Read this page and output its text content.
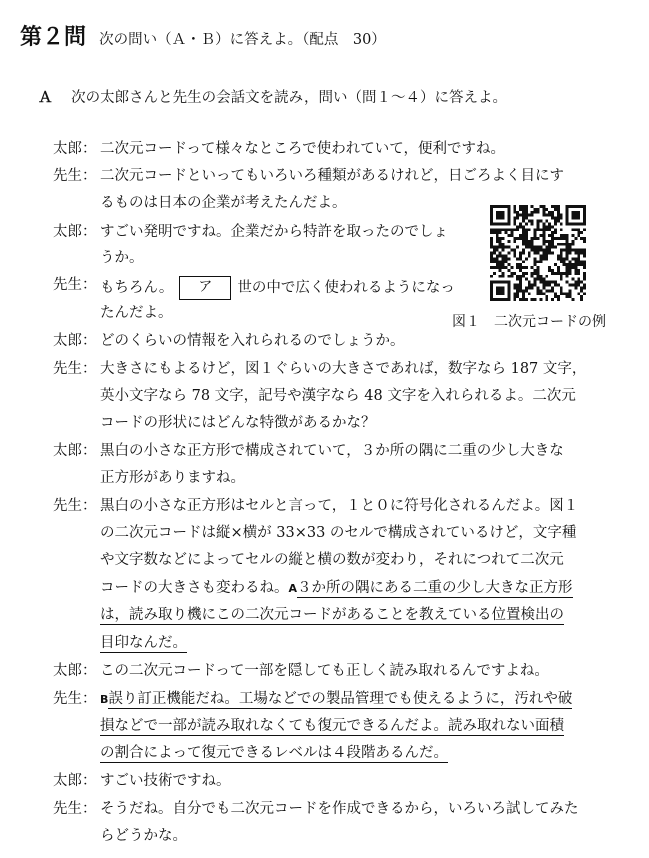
第２問 次の問い（Ａ・Ｂ）に答えよ。（配点　30）
Ａ 次の太郎さんと先生の会話文を読み，問い（問１～４）に答えよ。
太郎：
先生：
太郎：
先生：
太郎：
先生：
太郎：
先生：
太郎：
先生：
太郎：
先生：
二次元コードって様々なところで使われていて，便利ですね。
二次元コードといってもいろいろ種類があるけれど，日ごろよく目にす
るものは日本の企業が考えたんだよ。
すごい発明ですね。企業だから特許を取ったのでしょ
うか。
もちろん。 ア 世の中で広く使われるようになっ
たんだよ。
どのくらいの情報を入れられるのでしょうか。
大きさにもよるけど，図１ぐらいの大きさであれば，数字なら 187 文字，
英小文字なら 78 文字，記号や漢字なら 48 文字を入れられるよ。二次元
コードの形状にはどんな特徴があるかな？
黒白の小さな正方形で構成されていて，３か所の隅に二重の少し大きな
正方形がありますね。
黒白の小さな正方形はセルと言って，１と０に符号化されるんだよ。図１
の二次元コードは縦×横が 33×33 のセルで構成されているけど，文字種
や文字数などによってセルの縦と横の数が変わり，それにつれて二次元
コードの大きさも変わるね。A３か所の隅にある二重の少し大きな正方形
は，読み取り機にこの二次元コードがあることを教えている位置検出の
目印なんだ。
この二次元コードって一部を隠しても正しく読み取れるんですよね。
B誤り訂正機能だね。工場などでの製品管理でも使えるように，汚れや破
損などで一部が読み取れなくても復元できるんだよ。読み取れない面積
の割合によって復元できるレベルは４段階あるんだ。
すごい技術ですね。
そうだね。自分でも二次元コードを作成できるから，いろいろ試してみた
らどうかな。
図１　二次元コードの例
